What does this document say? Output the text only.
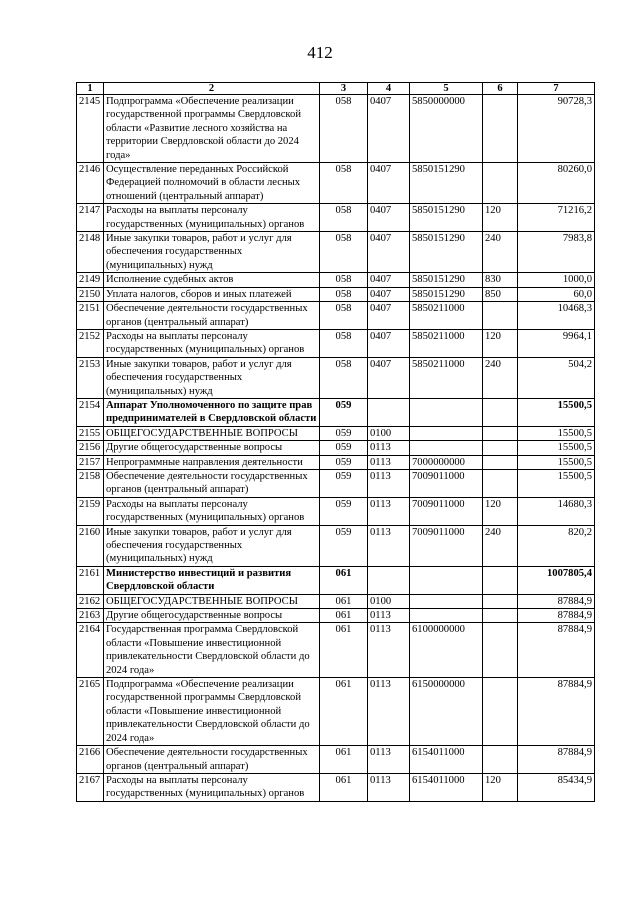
412
1	2	3	4	5	6	7
2145	Подпрограмма «Обеспечение реализации государственной программы Свердловской области «Развитие лесного хозяйства на территории Свердловской области до 2024 года»	058	0407	5850000000		90728,3
2146	Осуществление переданных Российской Федерацией полномочий в области лесных отношений (центральный аппарат)	058	0407	5850151290		80260,0
2147	Расходы на выплаты персоналу государственных (муниципальных) органов	058	0407	5850151290	120	71216,2
2148	Иные закупки товаров, работ и услуг для обеспечения государственных (муниципальных) нужд	058	0407	5850151290	240	7983,8
2149	Исполнение судебных актов	058	0407	5850151290	830	1000,0
2150	Уплата налогов, сборов и иных платежей	058	0407	5850151290	850	60,0
2151	Обеспечение деятельности государственных органов (центральный аппарат)	058	0407	5850211000		10468,3
2152	Расходы на выплаты персоналу государственных (муниципальных) органов	058	0407	5850211000	120	9964,1
2153	Иные закупки товаров, работ и услуг для обеспечения государственных (муниципальных) нужд	058	0407	5850211000	240	504,2
2154	Аппарат Уполномоченного по защите прав предпринимателей в Свердловской области	059				15500,5
2155	ОБЩЕГОСУДАРСТВЕННЫЕ ВОПРОСЫ	059	0100			15500,5
2156	Другие общегосударственные вопросы	059	0113			15500,5
2157	Непрограммные направления деятельности	059	0113	7000000000		15500,5
2158	Обеспечение деятельности государственных органов (центральный аппарат)	059	0113	7009011000		15500,5
2159	Расходы на выплаты персоналу государственных (муниципальных) органов	059	0113	7009011000	120	14680,3
2160	Иные закупки товаров, работ и услуг для обеспечения государственных (муниципальных) нужд	059	0113	7009011000	240	820,2
2161	Министерство инвестиций и развития Свердловской области	061				1007805,4
2162	ОБЩЕГОСУДАРСТВЕННЫЕ ВОПРОСЫ	061	0100			87884,9
2163	Другие общегосударственные вопросы	061	0113			87884,9
2164	Государственная программа Свердловской области «Повышение инвестиционной привлекательности Свердловской области до 2024 года»	061	0113	6100000000		87884,9
2165	Подпрограмма «Обеспечение реализации государственной программы Свердловской области «Повышение инвестиционной привлекательности Свердловской области до 2024 года»	061	0113	6150000000		87884,9
2166	Обеспечение деятельности государственных органов (центральный аппарат)	061	0113	6154011000		87884,9
2167	Расходы на выплаты персоналу государственных (муниципальных) органов	061	0113	6154011000	120	85434,9
